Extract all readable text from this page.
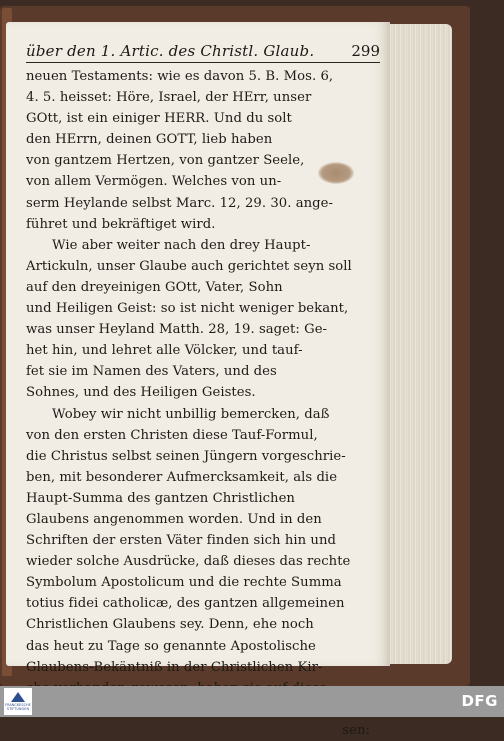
über den 1. Artic. des Christl. Glaub. 299
neuen Testaments: wie es davon 5. B. Mos. 6,
4. 5. heisset: Höre, Israel, der HErr, unser
GOtt, ist ein einiger HERR. Und du solt
den HErrn, deinen GOTT, lieb haben
von gantzem Hertzen, von gantzer Seele,
von allem Vermögen. Welches von un-
serm Heylande selbst Marc. 12, 29. 30. ange-
führet und bekräftiget wird.
Wie aber weiter nach den drey Haupt-
Artickuln, unser Glaube auch gerichtet seyn soll
auf den dreyeinigen GOtt, Vater, Sohn
und Heiligen Geist: so ist nicht weniger bekant,
was unser Heyland Matth. 28, 19. saget: Ge-
het hin, und lehret alle Völcker, und tauf-
fet sie im Namen des Vaters, und des
Sohnes, und des Heiligen Geistes.
Wobey wir nicht unbillig bemercken, daß
von den ersten Christen diese Tauf-Formul,
die Christus selbst seinen Jüngern vorgeschrie-
ben, mit besonderer Aufmercksamkeit, als die
Haupt-Summa des gantzen Christlichen
Glaubens angenommen worden. Und in den
Schriften der ersten Väter finden sich hin und
wieder solche Ausdrücke, daß dieses das rechte
Symbolum Apostolicum und die rechte Summa
totius fidei catholicæ, des gantzen allgemeinen
Christlichen Glaubens sey. Denn, ehe noch
das heut zu Tage so genannte Apostolische
Glaubens-Bekäntniß in der Christlichen Kir-
sen:
FRANCKESCHE STIFTUNGEN	DFG
